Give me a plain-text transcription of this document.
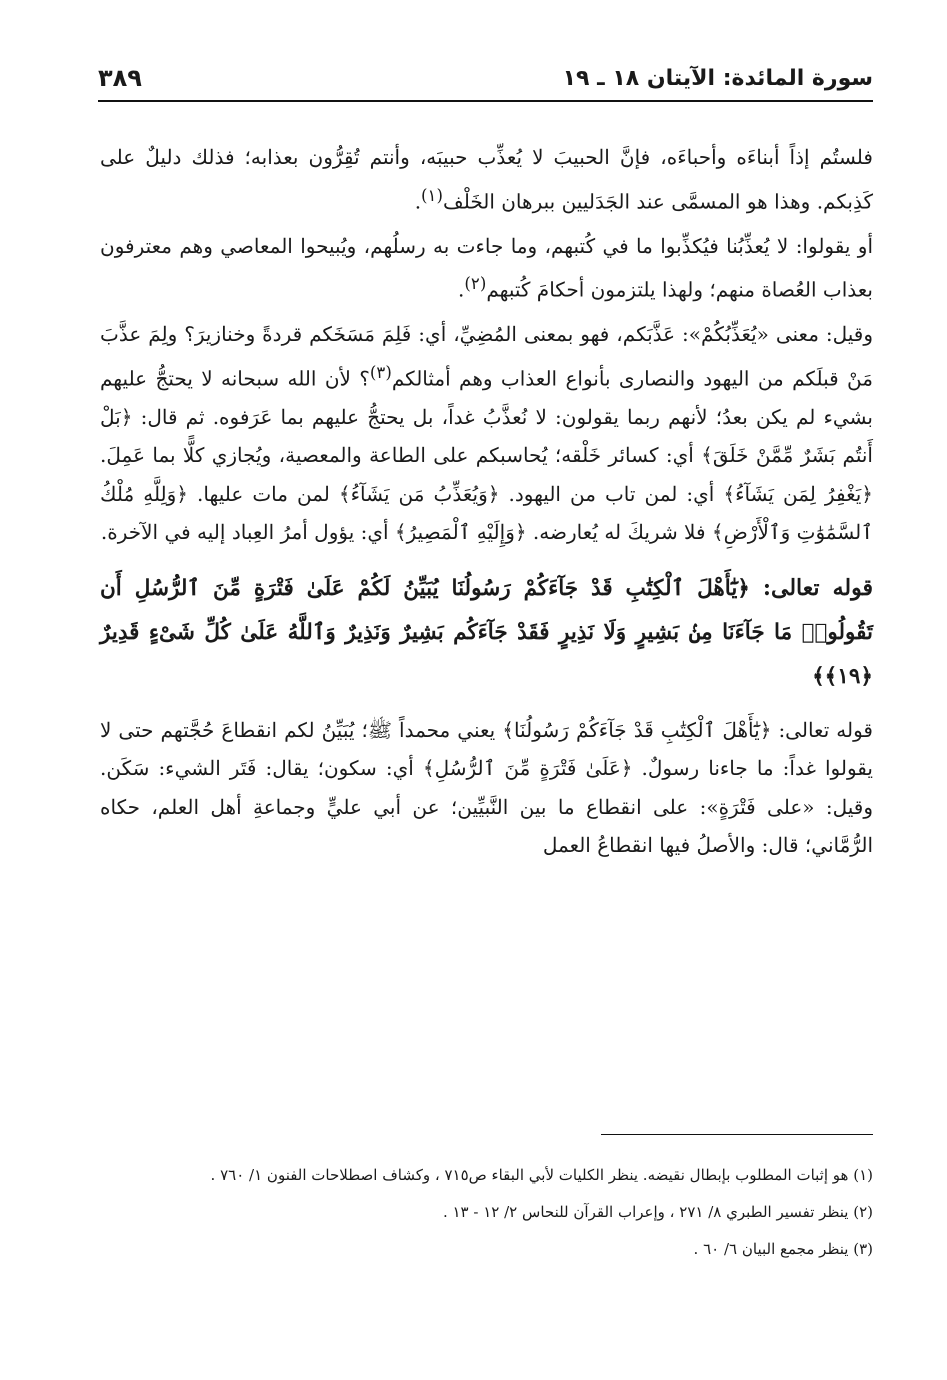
سورة المائدة: الآيتان ١٨ ـ ١٩
٣٨٩

فلستُم إذاً أبناءَه وأحباءَه، فإنَّ الحبيبَ لا يُعذِّب حبيبَه، وأنتم تُقِرُّون بعذابه؛ فذلك دليلٌ على كَذِبكم. وهذا هو المسمَّى عند الجَدَليين ببرهان الخَلْف$^{(١)}$.

أو يقولوا: لا يُعذِّبُنا فيُكذِّبوا ما في كُتبهم، وما جاءت به رسلُهم، ويُبيحوا المعاصي وهم معترفون بعذاب العُصاة منهم؛ ولهذا يلتزمون أحكامَ كُتبهم$^{(٢)}$.

وقيل: معنى «يُعَذِّبُكُمْ»: عَذَّبَكم، فهو بمعنى المُضِيِّ، أي: فَلِمَ مَسَخَكم قردةً وخنازيرَ؟ ولِمَ عذَّبَ مَنْ قبلَكم من اليهود والنصارى بأنواع العذاب وهم أمثالكم$^{(٣)}$؟ لأن الله سبحانه لا يحتجُّ عليهم بشيء لم يكن بعدُ؛ لأنهم ربما يقولون: لا نُعذَّبُ غداً، بل يحتجُّ عليهم بما عَرَفوه. ثم قال: ﴿بَلْ أَنتُم بَشَرٌ مِّمَّنْ خَلَقَ﴾ أي: كسائر خَلْقه؛ يُحاسبكم على الطاعة والمعصية، ويُجازي كلًّا بما عَمِلَ. ﴿يَغْفِرُ لِمَن يَشَآءُ﴾ أي: لمن تاب من اليهود. ﴿وَيُعَذِّبُ مَن يَشَآءُ﴾ لمن مات عليها. ﴿وَلِلَّهِ مُلْكُ ٱلسَّمَٰوَٰتِ وَٱلْأَرْضِ﴾ فلا شريكَ له يُعارضه. ﴿وَإِلَيْهِ ٱلْمَصِيرُ﴾ أي: يؤول أمرُ العِباد إليه في الآخرة.

قوله تعالى: ﴿يَٰٓأَهْلَ ٱلْكِتَٰبِ قَدْ جَآءَكُمْ رَسُولُنَا يُبَيِّنُ لَكُمْ عَلَىٰ فَتْرَةٍ مِّنَ ٱلرُّسُلِ أَن تَقُولُوا۟ مَا جَآءَنَا مِنۢ بَشِيرٍ وَلَا نَذِيرٍ فَقَدْ جَآءَكُم بَشِيرٌ وَنَذِيرٌ وَٱللَّهُ عَلَىٰ كُلِّ شَىْءٍ قَدِيرٌ ﴿١٩﴾﴾

قوله تعالى: ﴿يَٰٓأَهْلَ ٱلْكِتَٰبِ قَدْ جَآءَكُمْ رَسُولُنَا﴾ يعني محمداً ﷺ؛ يُبَيِّنُ لكم انقطاعَ حُجَّتهم حتى لا يقولوا غداً: ما جاءنا رسولٌ. ﴿عَلَىٰ فَتْرَةٍ مِّنَ ٱلرُّسُلِ﴾ أي: سكون؛ يقال: فَتَر الشيء: سَكَن. وقيل: «على فَتْرَةٍ»: على انقطاع ما بين النَّبيِّين؛ عن أبي عليٍّ وجماعةِ أهل العلم، حكاه الرُّمَّاني؛ قال: والأصلُ فيها انقطاعُ العمل

(١) هو إثبات المطلوب بإبطال نقيضه. ينظر الكليات لأبي البقاء ص٧١٥ ، وكشاف اصطلاحات الفنون ١/ ٧٦٠ .

(٢) ينظر تفسير الطبري ٨/ ٢٧١ ، وإعراب القرآن للنحاس ٢/ ١٢ - ١٣ .

(٣) ينظر مجمع البيان ٦/ ٦٠ .
